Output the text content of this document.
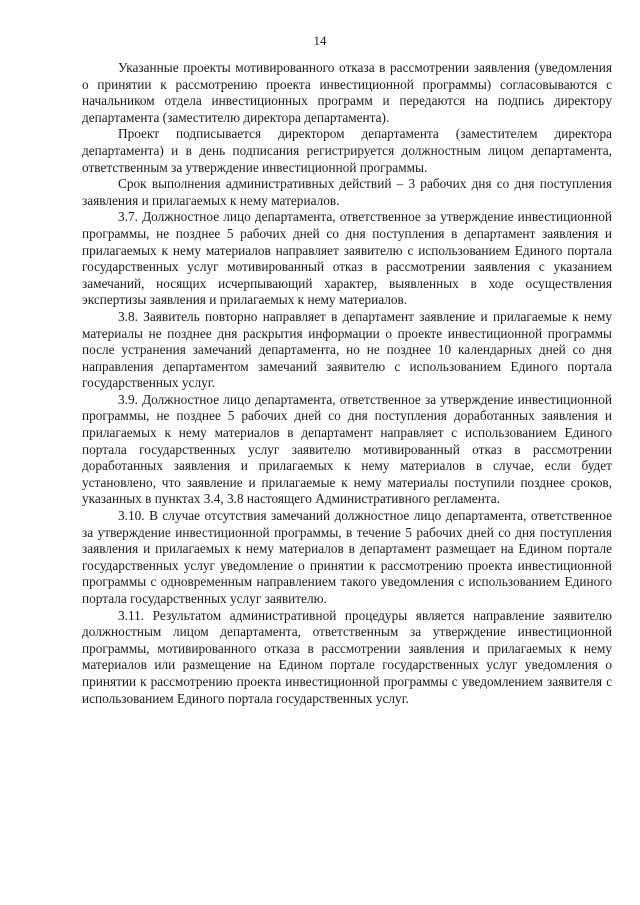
14

Указанные проекты мотивированного отказа в рассмотрении заявления (уведомления о принятии к рассмотрению проекта инвестиционной программы) согласовываются с начальником отдела инвестиционных программ и передаются на подпись директору департамента (заместителю директора департамента).

Проект подписывается директором департамента (заместителем директора департамента) и в день подписания регистрируется должностным лицом департамента, ответственным за утверждение инвестиционной программы.

Срок выполнения административных действий – 3 рабочих дня со дня поступления заявления и прилагаемых к нему материалов.

3.7. Должностное лицо департамента, ответственное за утверждение инвестиционной программы, не позднее 5 рабочих дней со дня поступления в департамент заявления и прилагаемых к нему материалов направляет заявителю с использованием Единого портала государственных услуг мотивированный отказ в рассмотрении заявления с указанием замечаний, носящих исчерпывающий характер, выявленных в ходе осуществления экспертизы заявления и прилагаемых к нему материалов.

3.8. Заявитель повторно направляет в департамент заявление и прилагаемые к нему материалы не позднее дня раскрытия информации о проекте инвестиционной программы после устранения замечаний департамента, но не позднее 10 календарных дней со дня направления департаментом замечаний заявителю с использованием Единого портала государственных услуг.

3.9. Должностное лицо департамента, ответственное за утверждение инвестиционной программы, не позднее 5 рабочих дней со дня поступления доработанных заявления и прилагаемых к нему материалов в департамент направляет с использованием Единого портала государственных услуг заявителю мотивированный отказ в рассмотрении доработанных заявления и прилагаемых к нему материалов в случае, если будет установлено, что заявление и прилагаемые к нему материалы поступили позднее сроков, указанных в пунктах 3.4, 3.8 настоящего Административного регламента.

3.10. В случае отсутствия замечаний должностное лицо департамента, ответственное за утверждение инвестиционной программы, в течение 5 рабочих дней со дня поступления заявления и прилагаемых к нему материалов в департамент размещает на Едином портале государственных услуг уведомление о принятии к рассмотрению проекта инвестиционной программы с одновременным направлением такого уведомления с использованием Единого портала государственных услуг заявителю.

3.11. Результатом административной процедуры является направление заявителю должностным лицом департамента, ответственным за утверждение инвестиционной программы, мотивированного отказа в рассмотрении заявления и прилагаемых к нему материалов или размещение на Едином портале государственных услуг уведомления о принятии к рассмотрению проекта инвестиционной программы с уведомлением заявителя с использованием Единого портала государственных услуг.
